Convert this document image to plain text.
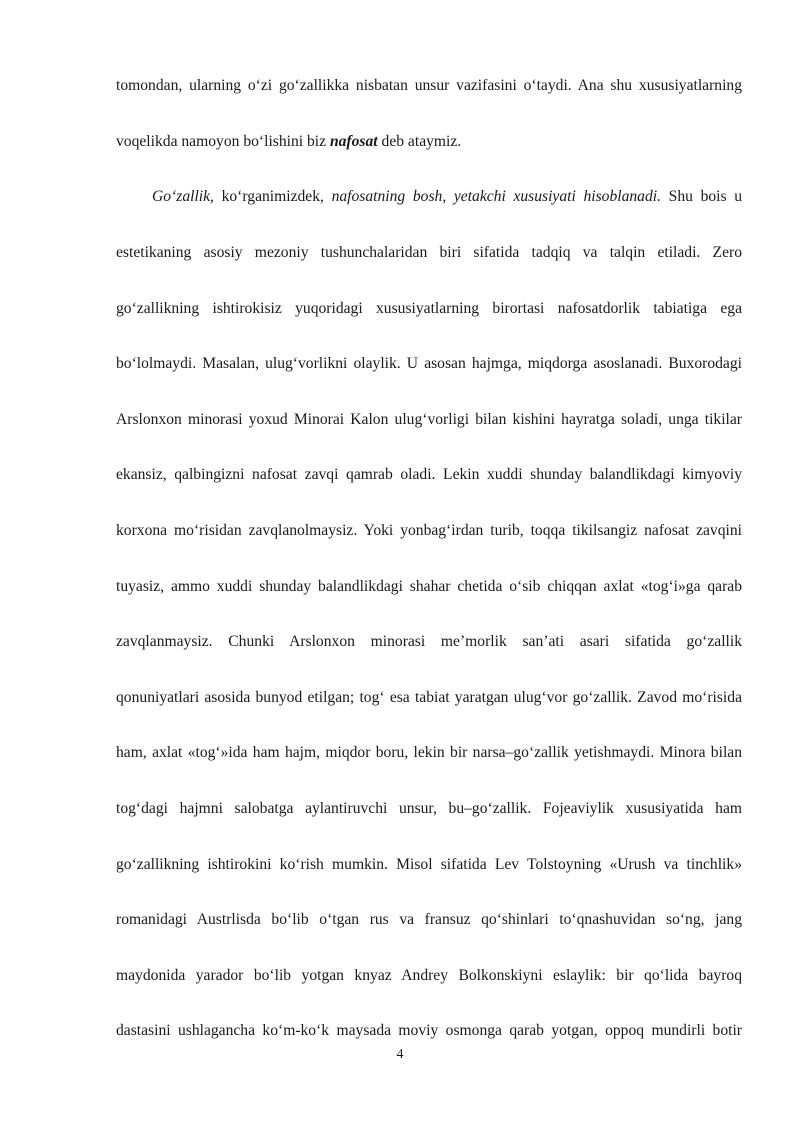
tomondan, ularning o‘zi go‘zallikka nisbatan unsur vazifasini o‘taydi. Ana shu xususiyatlarning
voqelikda namoyon bo‘lishini biz nafosat deb ataymiz.
Go‘zallik, ko‘rganimizdek, nafosatning bosh, yetakchi xususiyati hisoblanadi. Shu bois u
estetikaning asosiy mezoniy tushunchalaridan biri sifatida tadqiq va talqin etiladi. Zero
go‘zallikning ishtirokisiz yuqoridagi xususiyatlarning birortasi nafosatdorlik tabiatiga ega
bo‘lolmaydi. Masalan, ulug‘vorlikni olaylik. U asosan hajmga, miqdorga asoslanadi. Buxorodagi
Arslonxon minorasi yoxud Minorai Kalon ulug‘vorligi bilan kishini hayratga soladi, unga tikilar
ekansiz, qalbingizni nafosat zavqi qamrab oladi. Lekin xuddi shunday balandlikdagi kimyoviy
korxona mo‘risidan zavqlanolmaysiz. Yoki yonbag‘irdan turib, toqqa tikilsangiz nafosat zavqini
tuyasiz, ammo xuddi shunday balandlikdagi shahar chetida o‘sib chiqqan axlat «tog‘i»ga qarab
zavqlanmaysiz. Chunki Arslonxon minorasi me’morlik san’ati asari sifatida go‘zallik
qonuniyatlari asosida bunyod etilgan; tog‘ esa tabiat yaratgan ulug‘vor go‘zallik. Zavod mo‘risida
ham, axlat «tog‘»ida ham hajm, miqdor boru, lekin bir narsa–go‘zallik yetishmaydi. Minora bilan
tog‘dagi hajmni salobatga aylantiruvchi unsur, bu–go‘zallik. Fojeaviylik xususiyatida ham
go‘zallikning ishtirokini ko‘rish mumkin. Misol sifatida Lev Tolstoyning «Urush va tinchlik»
romanidagi Austrlisda bo‘lib o‘tgan rus va fransuz qo‘shinlari to‘qnashuvidan so‘ng, jang
maydonida yarador bo‘lib yotgan knyaz Andrey Bolkonskiyni eslaylik: bir qo‘lida bayroq
dastasini ushlagancha ko‘m-ko‘k maysada moviy osmonga qarab yotgan, oppoq mundirli botir
4
